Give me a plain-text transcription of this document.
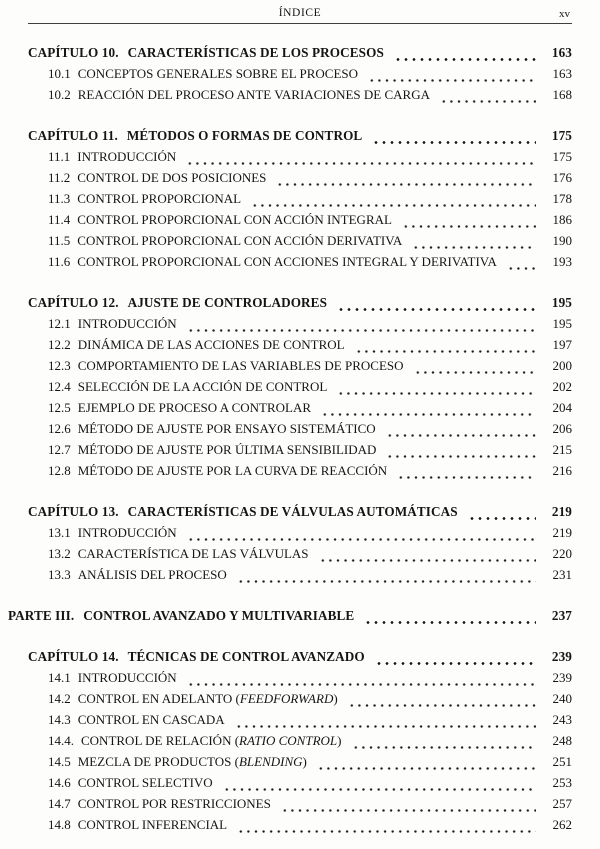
ÍNDICE	xv
CAPÍTULO 10. CARACTERÍSTICAS DE LOS PROCESOS	163
10.1 CONCEPTOS GENERALES SOBRE EL PROCESO	163
10.2 REACCIÓN DEL PROCESO ANTE VARIACIONES DE CARGA	168
CAPÍTULO 11. MÉTODOS O FORMAS DE CONTROL	175
11.1 INTRODUCCIÓN	175
11.2 CONTROL DE DOS POSICIONES	176
11.3 CONTROL PROPORCIONAL	178
11.4 CONTROL PROPORCIONAL CON ACCIÓN INTEGRAL	186
11.5 CONTROL PROPORCIONAL CON ACCIÓN DERIVATIVA	190
11.6 CONTROL PROPORCIONAL CON ACCIONES INTEGRAL Y DERIVATIVA	193
CAPÍTULO 12. AJUSTE DE CONTROLADORES	195
12.1 INTRODUCCIÓN	195
12.2 DINÁMICA DE LAS ACCIONES DE CONTROL	197
12.3 COMPORTAMIENTO DE LAS VARIABLES DE PROCESO	200
12.4 SELECCIÓN DE LA ACCIÓN DE CONTROL	202
12.5 EJEMPLO DE PROCESO A CONTROLAR	204
12.6 MÉTODO DE AJUSTE POR ENSAYO SISTEMÁTICO	206
12.7 MÉTODO DE AJUSTE POR ÚLTIMA SENSIBILIDAD	215
12.8 MÉTODO DE AJUSTE POR LA CURVA DE REACCIÓN	216
CAPÍTULO 13. CARACTERÍSTICAS DE VÁLVULAS AUTOMÁTICAS	219
13.1 INTRODUCCIÓN	219
13.2 CARACTERÍSTICA DE LAS VÁLVULAS	220
13.3 ANÁLISIS DEL PROCESO	231
PARTE III. CONTROL AVANZADO Y MULTIVARIABLE	237
CAPÍTULO 14. TÉCNICAS DE CONTROL AVANZADO	239
14.1 INTRODUCCIÓN	239
14.2 CONTROL EN ADELANTO (FEEDFORWARD)	240
14.3 CONTROL EN CASCADA	243
14.4. CONTROL DE RELACIÓN (RATIO CONTROL)	248
14.5 MEZCLA DE PRODUCTOS (BLENDING)	251
14.6 CONTROL SELECTIVO	253
14.7 CONTROL POR RESTRICCIONES	257
14.8 CONTROL INFERENCIAL	262
